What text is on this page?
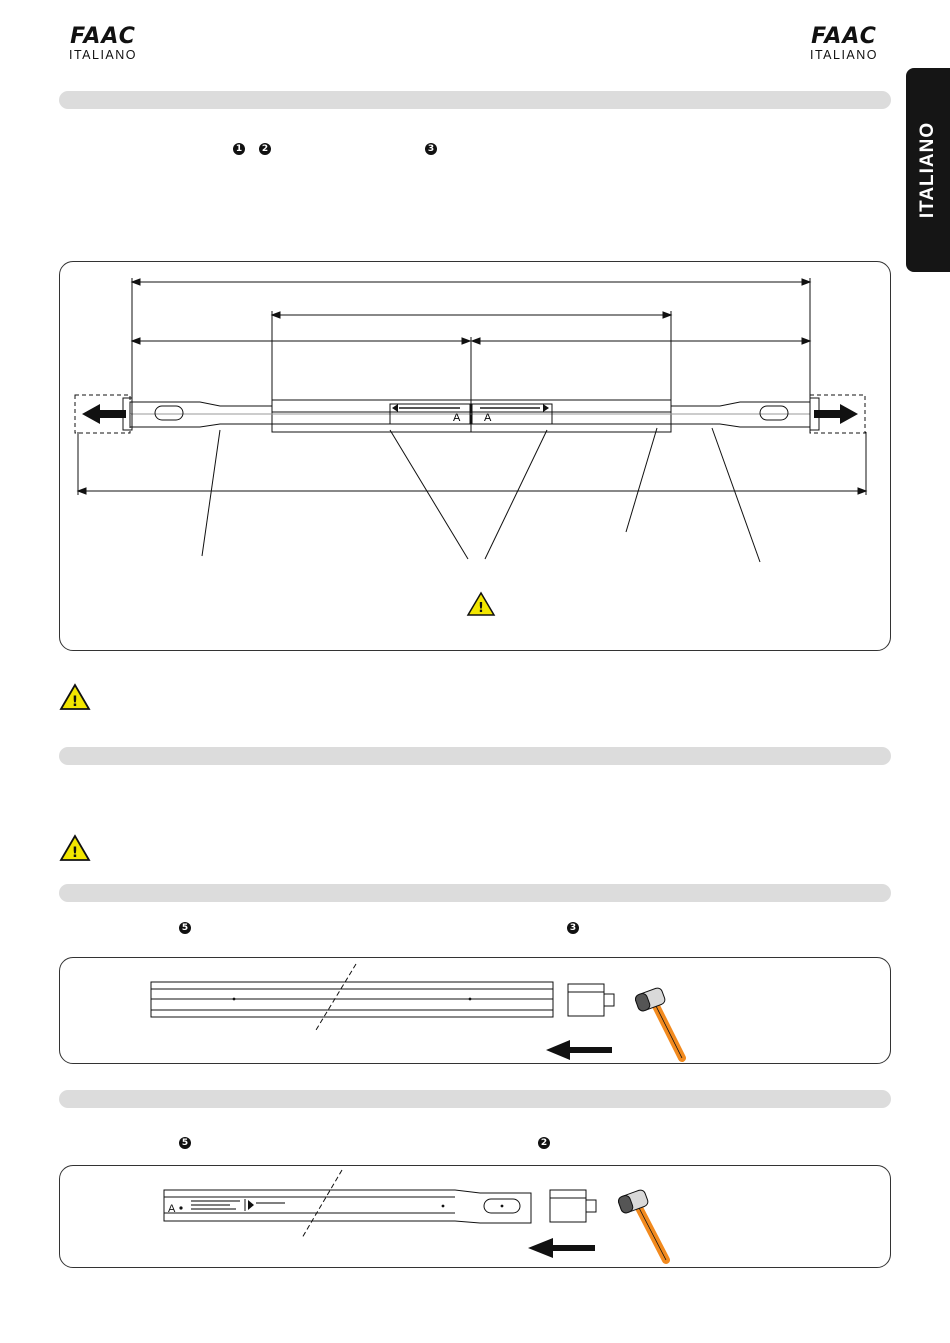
FAAC
ITALIANO
FAAC
ITALIANO
ITALIANO
1	2	3
A A
!
!
!
5	3
5	2
A
